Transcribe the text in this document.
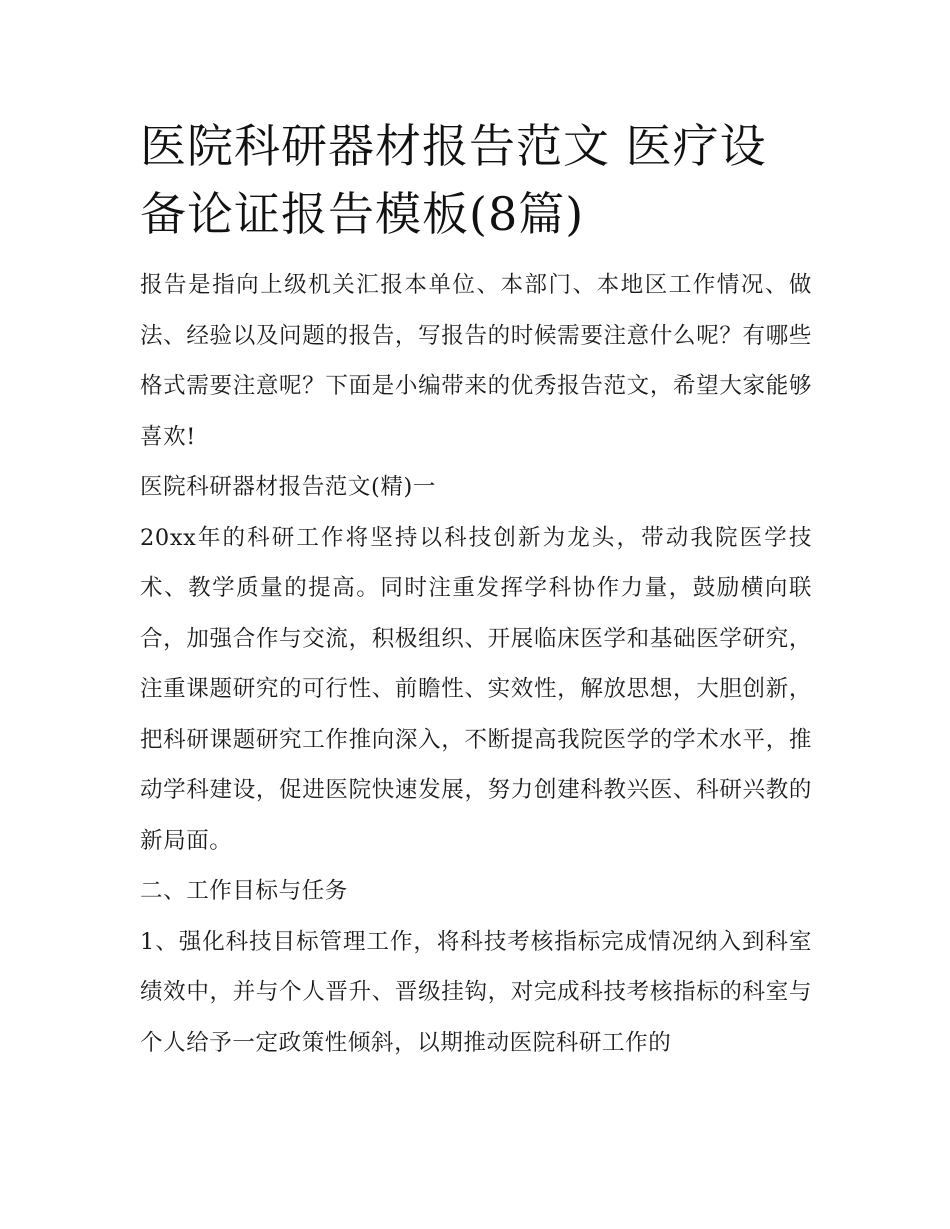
医院科研器材报告范文 医疗设备论证报告模板(8篇)

报告是指向上级机关汇报本单位、本部门、本地区工作情况、做法、经验以及问题的报告，写报告的时候需要注意什么呢？有哪些格式需要注意呢？下面是小编带来的优秀报告范文，希望大家能够喜欢!

医院科研器材报告范文(精)一

20xx年的科研工作将坚持以科技创新为龙头，带动我院医学技术、教学质量的提高。同时注重发挥学科协作力量，鼓励横向联合，加强合作与交流，积极组织、开展临床医学和基础医学研究，注重课题研究的可行性、前瞻性、实效性，解放思想，大胆创新，把科研课题研究工作推向深入，不断提高我院医学的学术水平，推动学科建设，促进医院快速发展，努力创建科教兴医、科研兴教的新局面。

二、工作目标与任务

1、强化科技目标管理工作，将科技考核指标完成情况纳入到科室绩效中，并与个人晋升、晋级挂钩，对完成科技考核指标的科室与个人给予一定政策性倾斜，以期推动医院科研工作的
